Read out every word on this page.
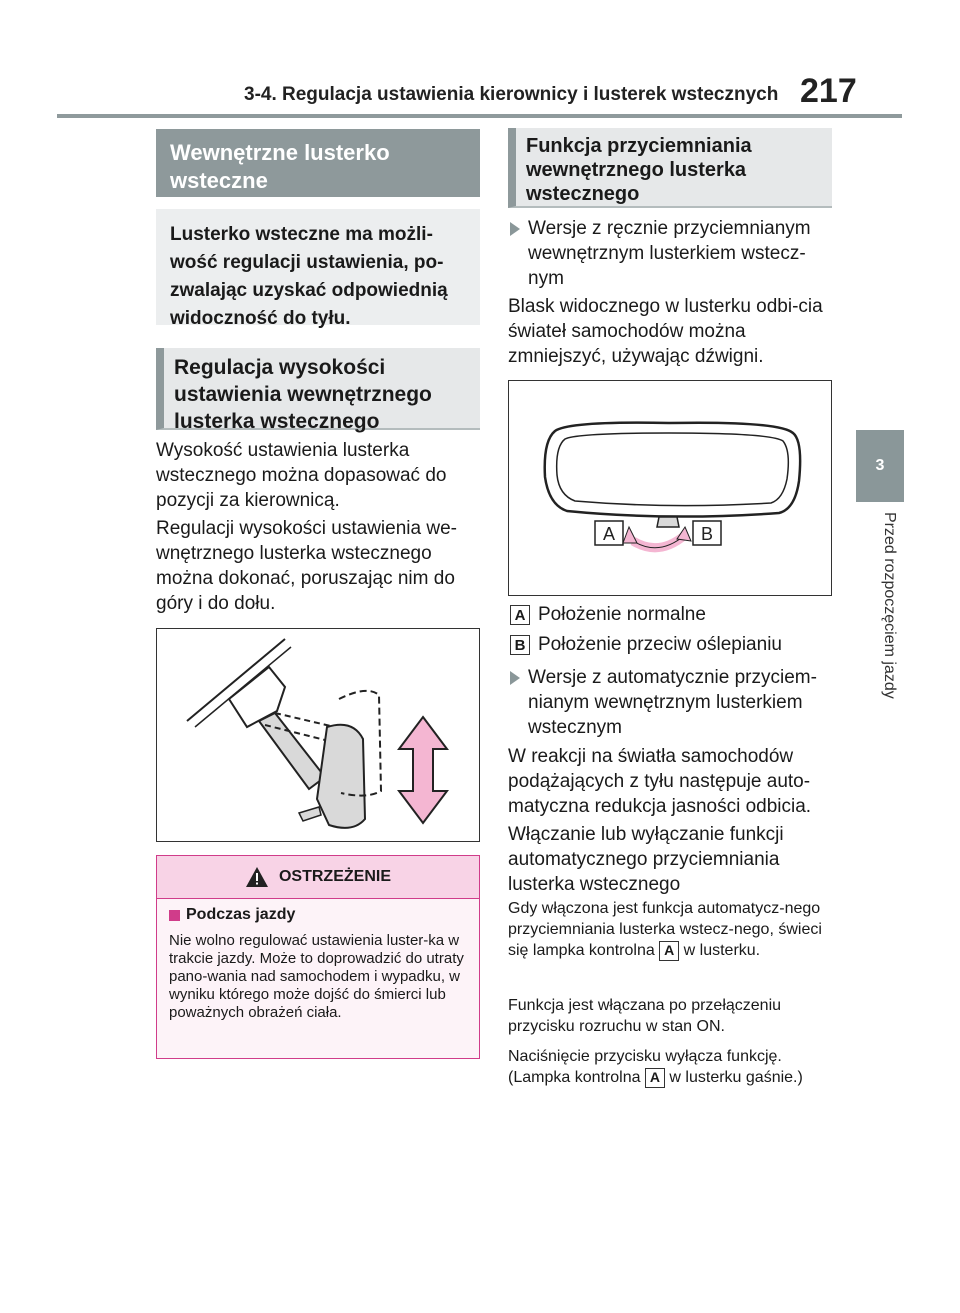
3-4. Regulacja ustawienia kierownicy i lusterek wstecznych 217
3
Przed rozpoczęciem jazdy
Wewnętrzne lusterko wsteczne
Lusterko wsteczne ma możli-wość regulacji ustawienia, po-zwalając uzyskać odpowiednią widoczność do tyłu.
Regulacja wysokości ustawienia wewnętrznego lusterka wstecznego

Wysokość ustawienia lusterka wstecznego można dopasować do pozycji za kierownicą.

Regulacji wysokości ustawienia we-wnętrznego lusterka wstecznego można dokonać, poruszając nim do góry i do dołu.

OSTRZEŻENIE
Podczas jazdy

Nie wolno regulować ustawienia luster-ka w trakcie jazdy. Może to doprowadzić do utraty pano-wania nad samochodem i wypadku, w wyniku którego może dojść do śmierci lub poważnych obrażeń ciała.

Funkcja przyciemniania wewnętrznego lusterka wstecznego
Wersje z ręcznie przyciemnianym wewnętrznym lusterkiem wstecz-nym

Blask widocznego w lusterku odbi-cia świateł samochodów można zmniejszyć, używając dźwigni.

A	B
A Położenie normalne
B Położenie przeciw oślepianiu
Wersje z automatycznie przyciem-nianym wewnętrznym lusterkiem wstecznym

W reakcji na światła samochodów podążających z tyłu następuje auto-matyczna redukcja jasności odbicia.

Włączanie lub wyłączanie funkcji automatycznego przyciemniania lusterka wstecznego

Gdy włączona jest funkcja automatycz-nego przyciemniania lusterka wstecz-nego, świeci się lampka kontrolna A w lusterku.

Funkcja jest włączana po przełączeniu przycisku rozruchu w stan ON.

Naciśnięcie przycisku wyłącza funkcję. (Lampka kontrolna A w lusterku gaśnie.)
